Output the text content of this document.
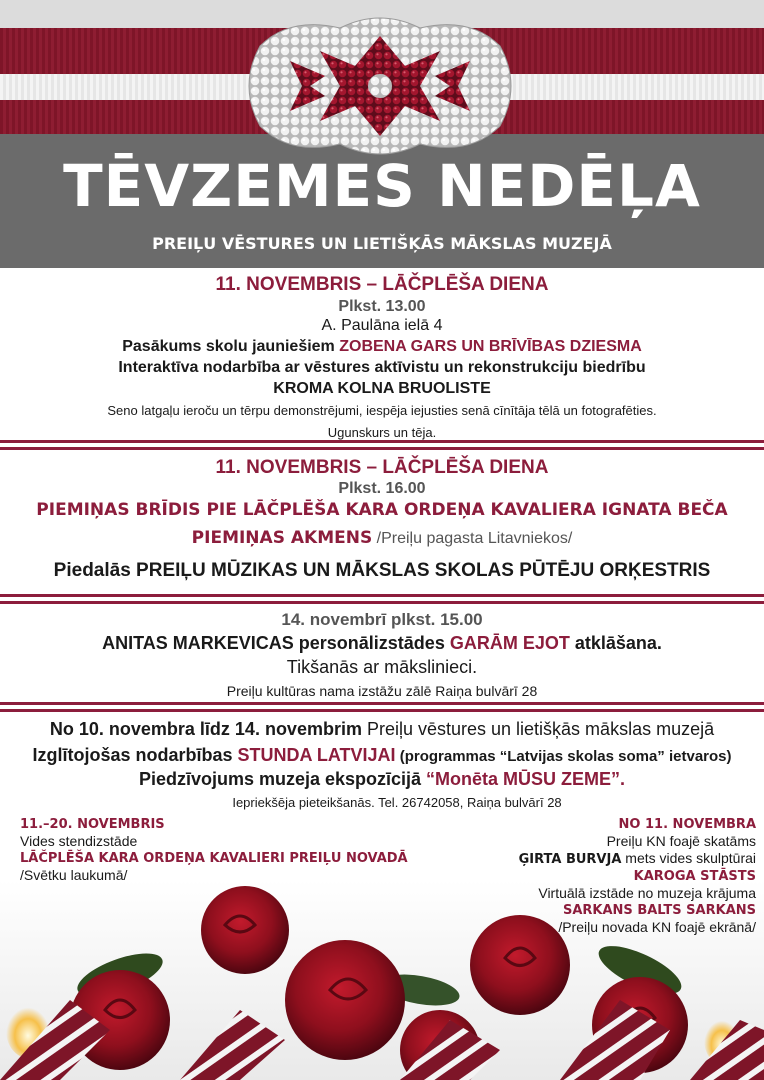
TĒVZEMES NEDĒĻA
PREIĻU VĒSTURES UN LIETIŠĶĀS MĀKSLAS MUZEJĀ
11. NOVEMBRIS – LĀČPLĒŠA DIENA
Plkst. 13.00
A. Paulāna ielā 4
Pasākums skolu jauniešiem ZOBENA GARS UN BRĪVĪBAS DZIESMA
Interaktīva nodarbība ar vēstures aktīvistu un rekonstrukciju biedrību
KROMA KOLNA BRUOLISTE
Seno latgaļu ieroču un tērpu demonstrējumi, iespēja iejusties senā cīnītāja tēlā un fotografēties.
Ugunskurs un tēja.
11. NOVEMBRIS – LĀČPLĒŠA DIENA
Plkst. 16.00
PIEMIŅAS BRĪDIS PIE LĀČPLĒŠA KARA ORDEŅA KAVALIERA IGNATA BEČA
PIEMIŅAS AKMENS /Preiļu pagasta Litavniekos/
Piedalās PREIĻU MŪZIKAS UN MĀKSLAS SKOLAS PŪTĒJU ORĶESTRIS
14. novembrī plkst. 15.00
ANITAS MARKEVICAS personālizstādes GARĀM EJOT atklāšana.
Tikšanās ar mākslinieci.
Preiļu kultūras nama izstāžu zālē Raiņa bulvārī 28
No 10. novembra līdz 14. novembrim Preiļu vēstures un lietišķās mākslas muzejā
Izglītojošas nodarbības STUNDA LATVIJAI (programmas “Latvijas skolas soma” ietvaros)
Piedzīvojums muzeja ekspozīcijā “Monēta MŪSU ZEME”.
Iepriekšēja pieteikšanās. Tel. 26742058, Raiņa bulvārī 28
11.–20. NOVEMBRIS
Vides stendizstāde
LĀČPLĒŠA KARA ORDEŅA KAVALIERI PREIĻU NOVADĀ
/Svētku laukumā/
NO 11. NOVEMBRA
Preiļu KN foajē skatāms
ĢIRTA BURVJA mets vides skulptūrai
KAROGA STĀSTS
Virtuālā izstāde no muzeja krājuma
SARKANS BALTS SARKANS
/Preiļu novada KN foajē ekrānā/
